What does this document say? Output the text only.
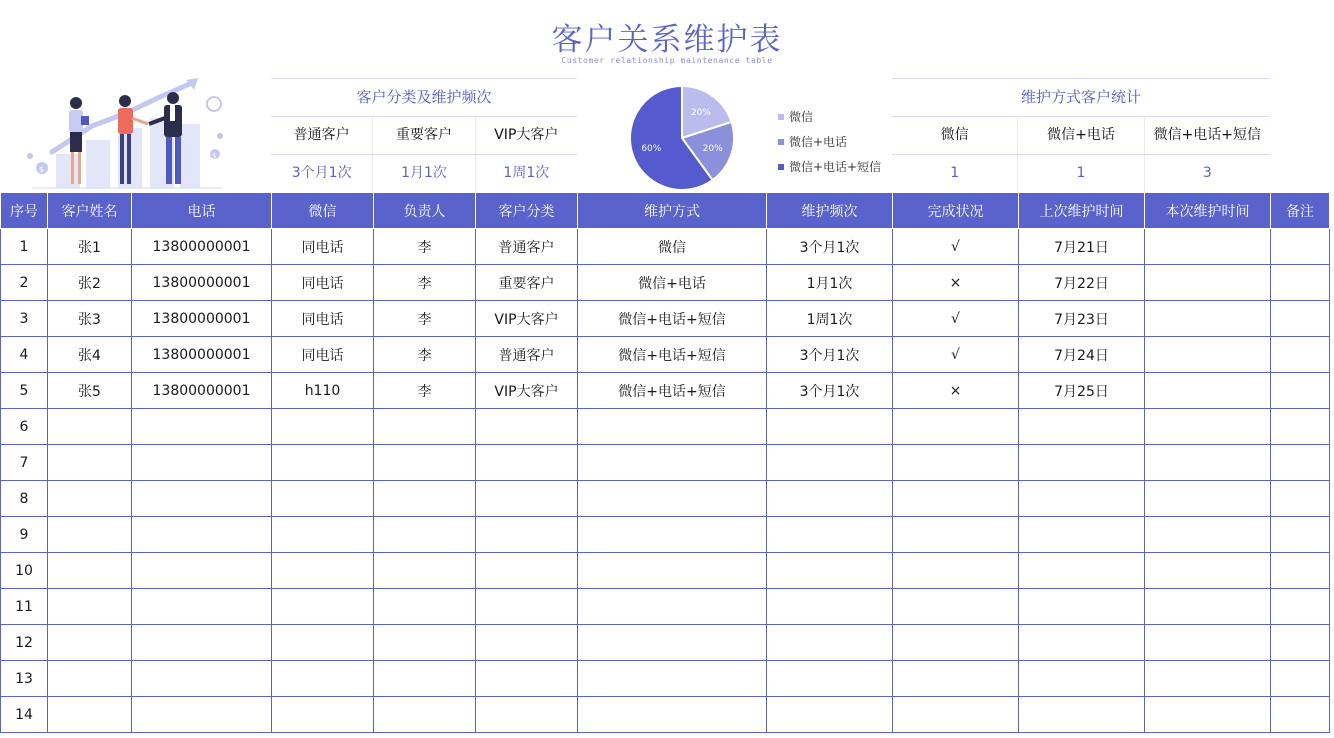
客户关系维护表
Customer relationship maintenance table
$
$
客户分类及维护频次
普通客户	重要客户	VIP大客户
3个月1次	1月1次	1周1次
20%
20%
60%
微信
微信+电话
微信+电话+短信
维护方式客户统计
微信	微信+电话	微信+电话+短信
1	1	3
序号	客户姓名	电话	微信	负责人	客户分类	维护方式	维护频次	完成状况	上次维护时间	本次维护时间	备注
1	张1	13800000001	同电话	李	普通客户	微信	3个月1次	√	7月21日		
2	张2	13800000001	同电话	李	重要客户	微信+电话	1月1次	×	7月22日		
3	张3	13800000001	同电话	李	VIP大客户	微信+电话+短信	1周1次	√	7月23日		
4	张4	13800000001	同电话	李	普通客户	微信+电话+短信	3个月1次	√	7月24日		
5	张5	13800000001	h110	李	VIP大客户	微信+电话+短信	3个月1次	×	7月25日		
6											
7											
8											
9											
10											
11											
12											
13											
14											
